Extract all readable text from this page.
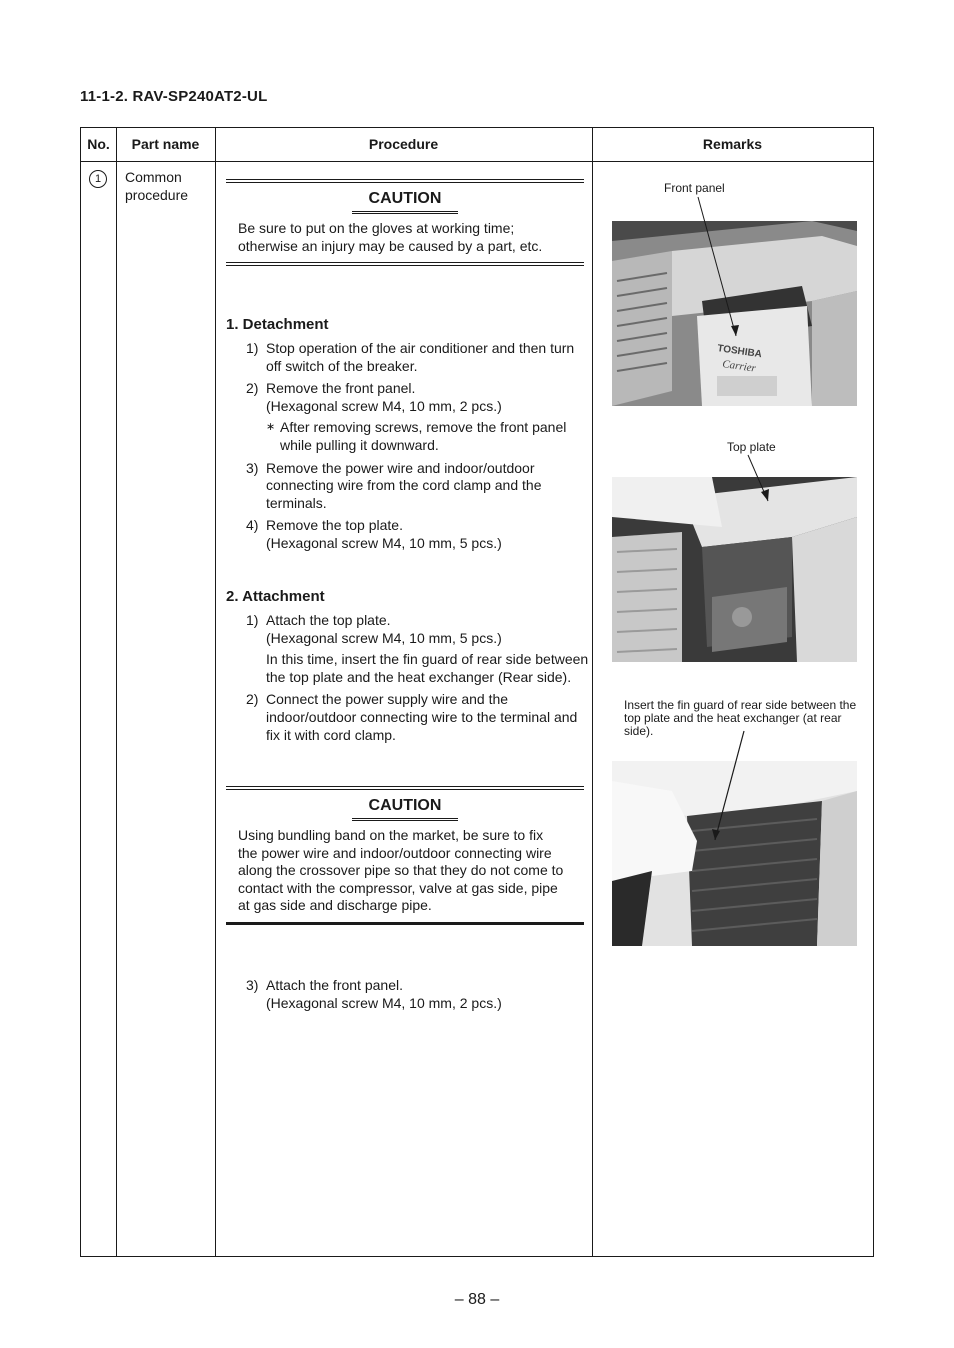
11-1-2. RAV-SP240AT2-UL
No.	Part name	Procedure	Remarks
1	Common procedure	CAUTION
Be sure to put on the gloves at working time; otherwise an injury may be caused by a part, etc.
1. Detachment
1) Stop operation of the air conditioner and then turn off switch of the breaker.
2) Remove the front panel.
(Hexagonal screw M4, 10 mm, 2 pcs.)
∗ After removing screws, remove the front panel while pulling it downward.
3) Remove the power wire and indoor/outdoor connecting wire from the cord clamp and the terminals.
4) Remove the top plate.
(Hexagonal screw M4, 10 mm, 5 pcs.)
2. Attachment
1) Attach the top plate.
(Hexagonal screw M4, 10 mm, 5 pcs.)
In this time, insert the fin guard of rear side between the top plate and the heat exchanger (Rear side).
2) Connect the power supply wire and the indoor/outdoor connecting wire to the terminal and fix it with cord clamp.
CAUTION
Using bundling band on the market, be sure to fix the power wire and indoor/outdoor connecting wire along the crossover pipe so that they do not come to contact with the compressor, valve at gas side, pipe at gas side and discharge pipe.
3) Attach the front panel.
(Hexagonal screw M4, 10 mm, 2 pcs.)
Front panel
TOSHIBA
Carrier
Top plate
Insert the fin guard of rear side between the top plate and the heat exchanger (at rear side).
– 88 –
